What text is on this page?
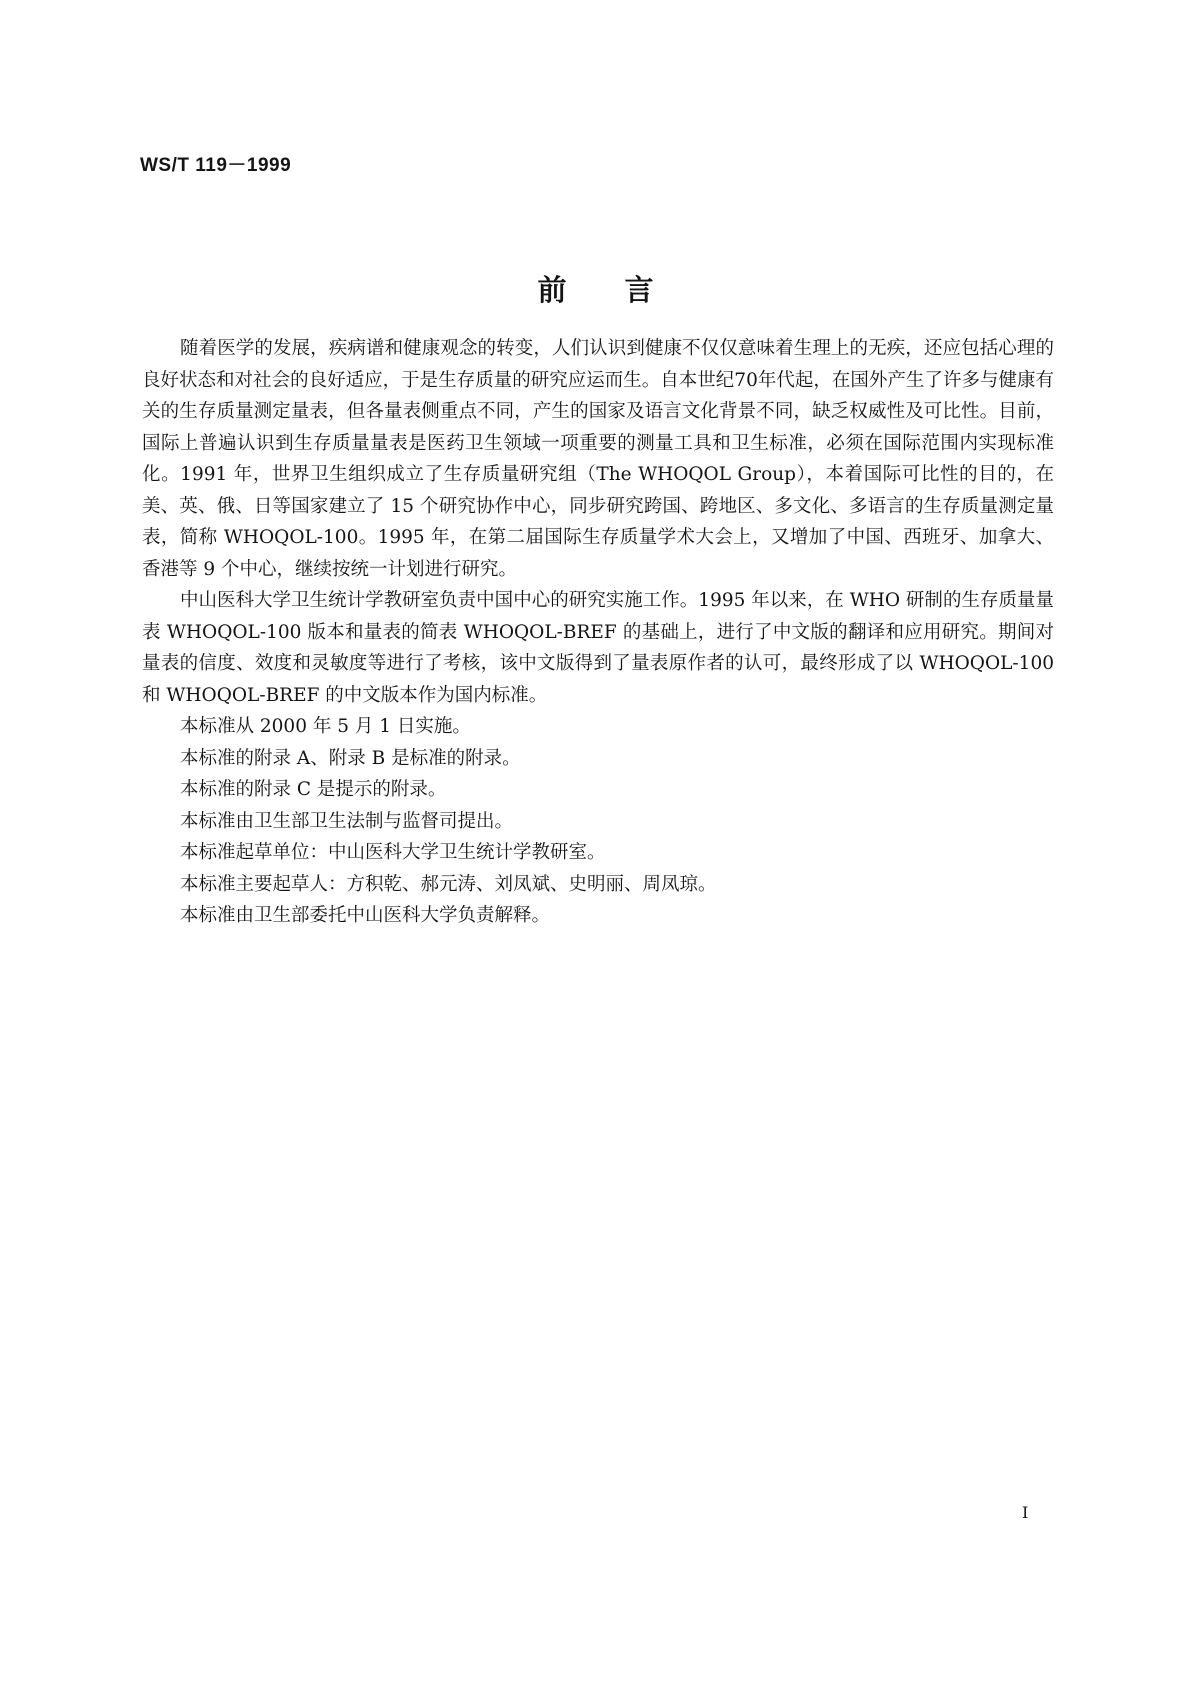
WS/T 119－1999
前言

随着医学的发展，疾病谱和健康观念的转变，人们认识到健康不仅仅意味着生理上的无疾，还应包括心理的良好状态和对社会的良好适应，于是生存质量的研究应运而生。自本世纪70年代起，在国外产生了许多与健康有关的生存质量测定量表，但各量表侧重点不同，产生的国家及语言文化背景不同，缺乏权威性及可比性。目前，国际上普遍认识到生存质量量表是医药卫生领域一项重要的测量工具和卫生标准，必须在国际范围内实现标准化。1991 年，世界卫生组织成立了生存质量研究组（The WHOQOL Group），本着国际可比性的目的，在美、英、俄、日等国家建立了 15 个研究协作中心，同步研究跨国、跨地区、多文化、多语言的生存质量测定量表，简称 WHOQOL-100。1995 年，在第二届国际生存质量学术大会上，又增加了中国、西班牙、加拿大、香港等 9 个中心，继续按统一计划进行研究。

中山医科大学卫生统计学教研室负责中国中心的研究实施工作。1995 年以来，在 WHO 研制的生存质量量表 WHOQOL-100 版本和量表的简表 WHOQOL-BREF 的基础上，进行了中文版的翻译和应用研究。期间对量表的信度、效度和灵敏度等进行了考核，该中文版得到了量表原作者的认可，最终形成了以 WHOQOL-100 和 WHOQOL-BREF 的中文版本作为国内标准。

本标准从 2000 年 5 月 1 日实施。

本标准的附录 A、附录 B 是标准的附录。

本标准的附录 C 是提示的附录。

本标准由卫生部卫生法制与监督司提出。

本标准起草单位：中山医科大学卫生统计学教研室。

本标准主要起草人：方积乾、郝元涛、刘凤斌、史明丽、周凤琼。

本标准由卫生部委托中山医科大学负责解释。

I
